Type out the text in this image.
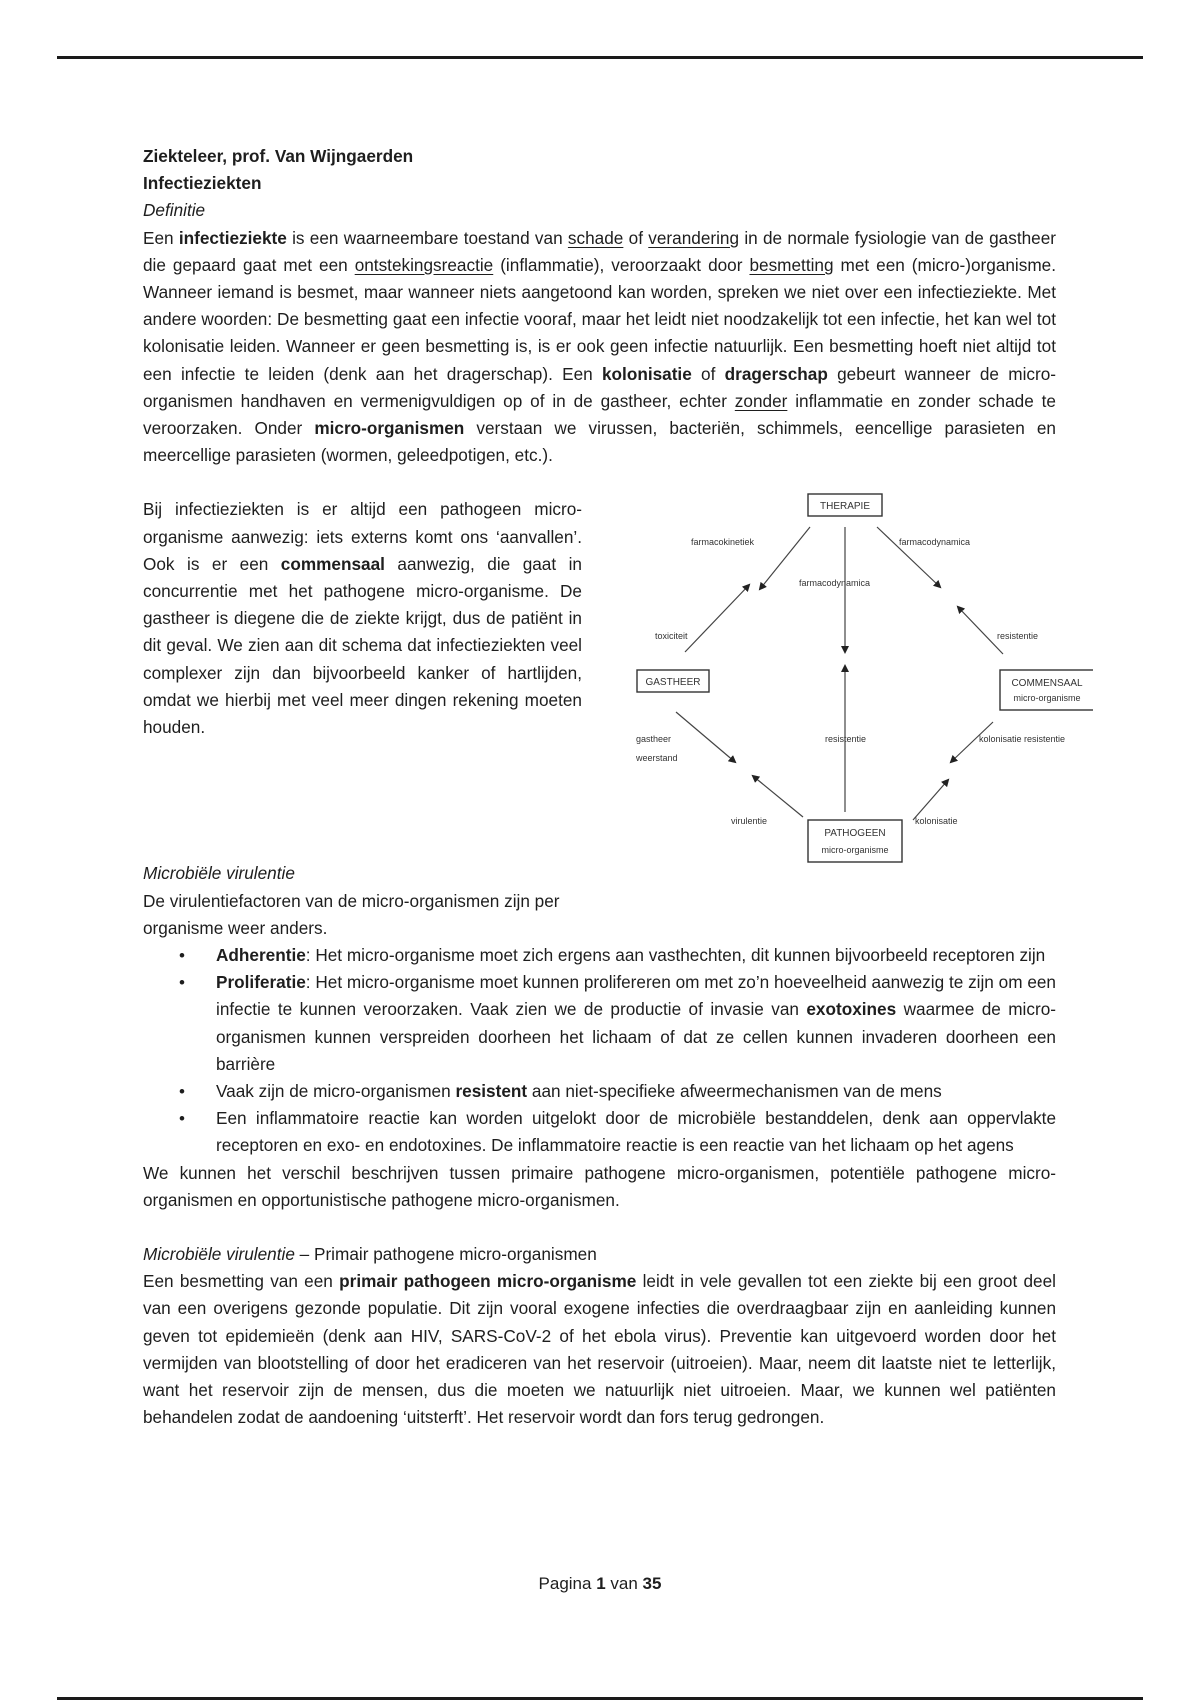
Ziekteleer, prof. Van Wijngaerden

Infectieziekten

Definitie

Een infectieziekte is een waarneembare toestand van schade of verandering in de normale fysiologie van de gastheer die gepaard gaat met een ontstekingsreactie (inflammatie), veroorzaakt door besmetting met een (micro-)organisme. Wanneer iemand is besmet, maar wanneer niets aangetoond kan worden, spreken we niet over een infectieziekte. Met andere woorden: De besmetting gaat een infectie vooraf, maar het leidt niet noodzakelijk tot een infectie, het kan wel tot kolonisatie leiden. Wanneer er geen besmetting is, is er ook geen infectie natuurlijk. Een besmetting hoeft niet altijd tot een infectie te leiden (denk aan het dragerschap). Een kolonisatie of dragerschap gebeurt wanneer de micro-organismen handhaven en vermenigvuldigen op of in de gastheer, echter zonder inflammatie en zonder schade te veroorzaken. Onder micro-organismen verstaan we virussen, bacteriën, schimmels, eencellige parasieten en meercellige parasieten (wormen, geleedpotigen, etc.).

Bij infectieziekten is er altijd een pathogeen micro-organisme aanwezig: iets externs komt ons ‘aanvallen’. Ook is er een commensaal aanwezig, die gaat in concurrentie met het pathogene micro-organisme. De gastheer is diegene die de ziekte krijgt, dus de patiënt in dit geval. We zien aan dit schema dat infectieziekten veel complexer zijn dan bijvoorbeeld kanker of hartlijden, omdat we hierbij met veel meer dingen rekening moeten houden.

THERAPIE
GASTHEER	COMMENSAAL
micro-organisme
PATHOGEEN
micro-organisme
farmacokinetiek	farmacodynamica
farmacodynamica
toxiciteit	resistentie
gastheer
weerstand
resistentie	kolonisatie resistentie
virulentie	kolonisatie

Microbiële virulentie

De virulentiefactoren van de micro-organismen zijn per organisme weer anders.

• Adherentie: Het micro-organisme moet zich ergens aan vasthechten, dit kunnen bijvoorbeeld receptoren zijn
• Proliferatie: Het micro-organisme moet kunnen prolifereren om met zo’n hoeveelheid aanwezig te zijn om een infectie te kunnen veroorzaken. Vaak zien we de productie of invasie van exotoxines waarmee de micro-organismen kunnen verspreiden doorheen het lichaam of dat ze cellen kunnen invaderen doorheen een barrière
• Vaak zijn de micro-organismen resistent aan niet-specifieke afweermechanismen van de mens
• Een inflammatoire reactie kan worden uitgelokt door de microbiële bestanddelen, denk aan oppervlakte receptoren en exo- en endotoxines. De inflammatoire reactie is een reactie van het lichaam op het agens

We kunnen het verschil beschrijven tussen primaire pathogene micro-organismen, potentiële pathogene micro-organismen en opportunistische pathogene micro-organismen.

Microbiële virulentie – Primair pathogene micro-organismen

Een besmetting van een primair pathogeen micro-organisme leidt in vele gevallen tot een ziekte bij een groot deel van een overigens gezonde populatie. Dit zijn vooral exogene infecties die overdraagbaar zijn en aanleiding kunnen geven tot epidemieën (denk aan HIV, SARS-CoV-2 of het ebola virus). Preventie kan uitgevoerd worden door het vermijden van blootstelling of door het eradiceren van het reservoir (uitroeien). Maar, neem dit laatste niet te letterlijk, want het reservoir zijn de mensen, dus die moeten we natuurlijk niet uitroeien. Maar, we kunnen wel patiënten behandelen zodat de aandoening ‘uitsterft’. Het reservoir wordt dan fors terug gedrongen.

Pagina 1 van 35
